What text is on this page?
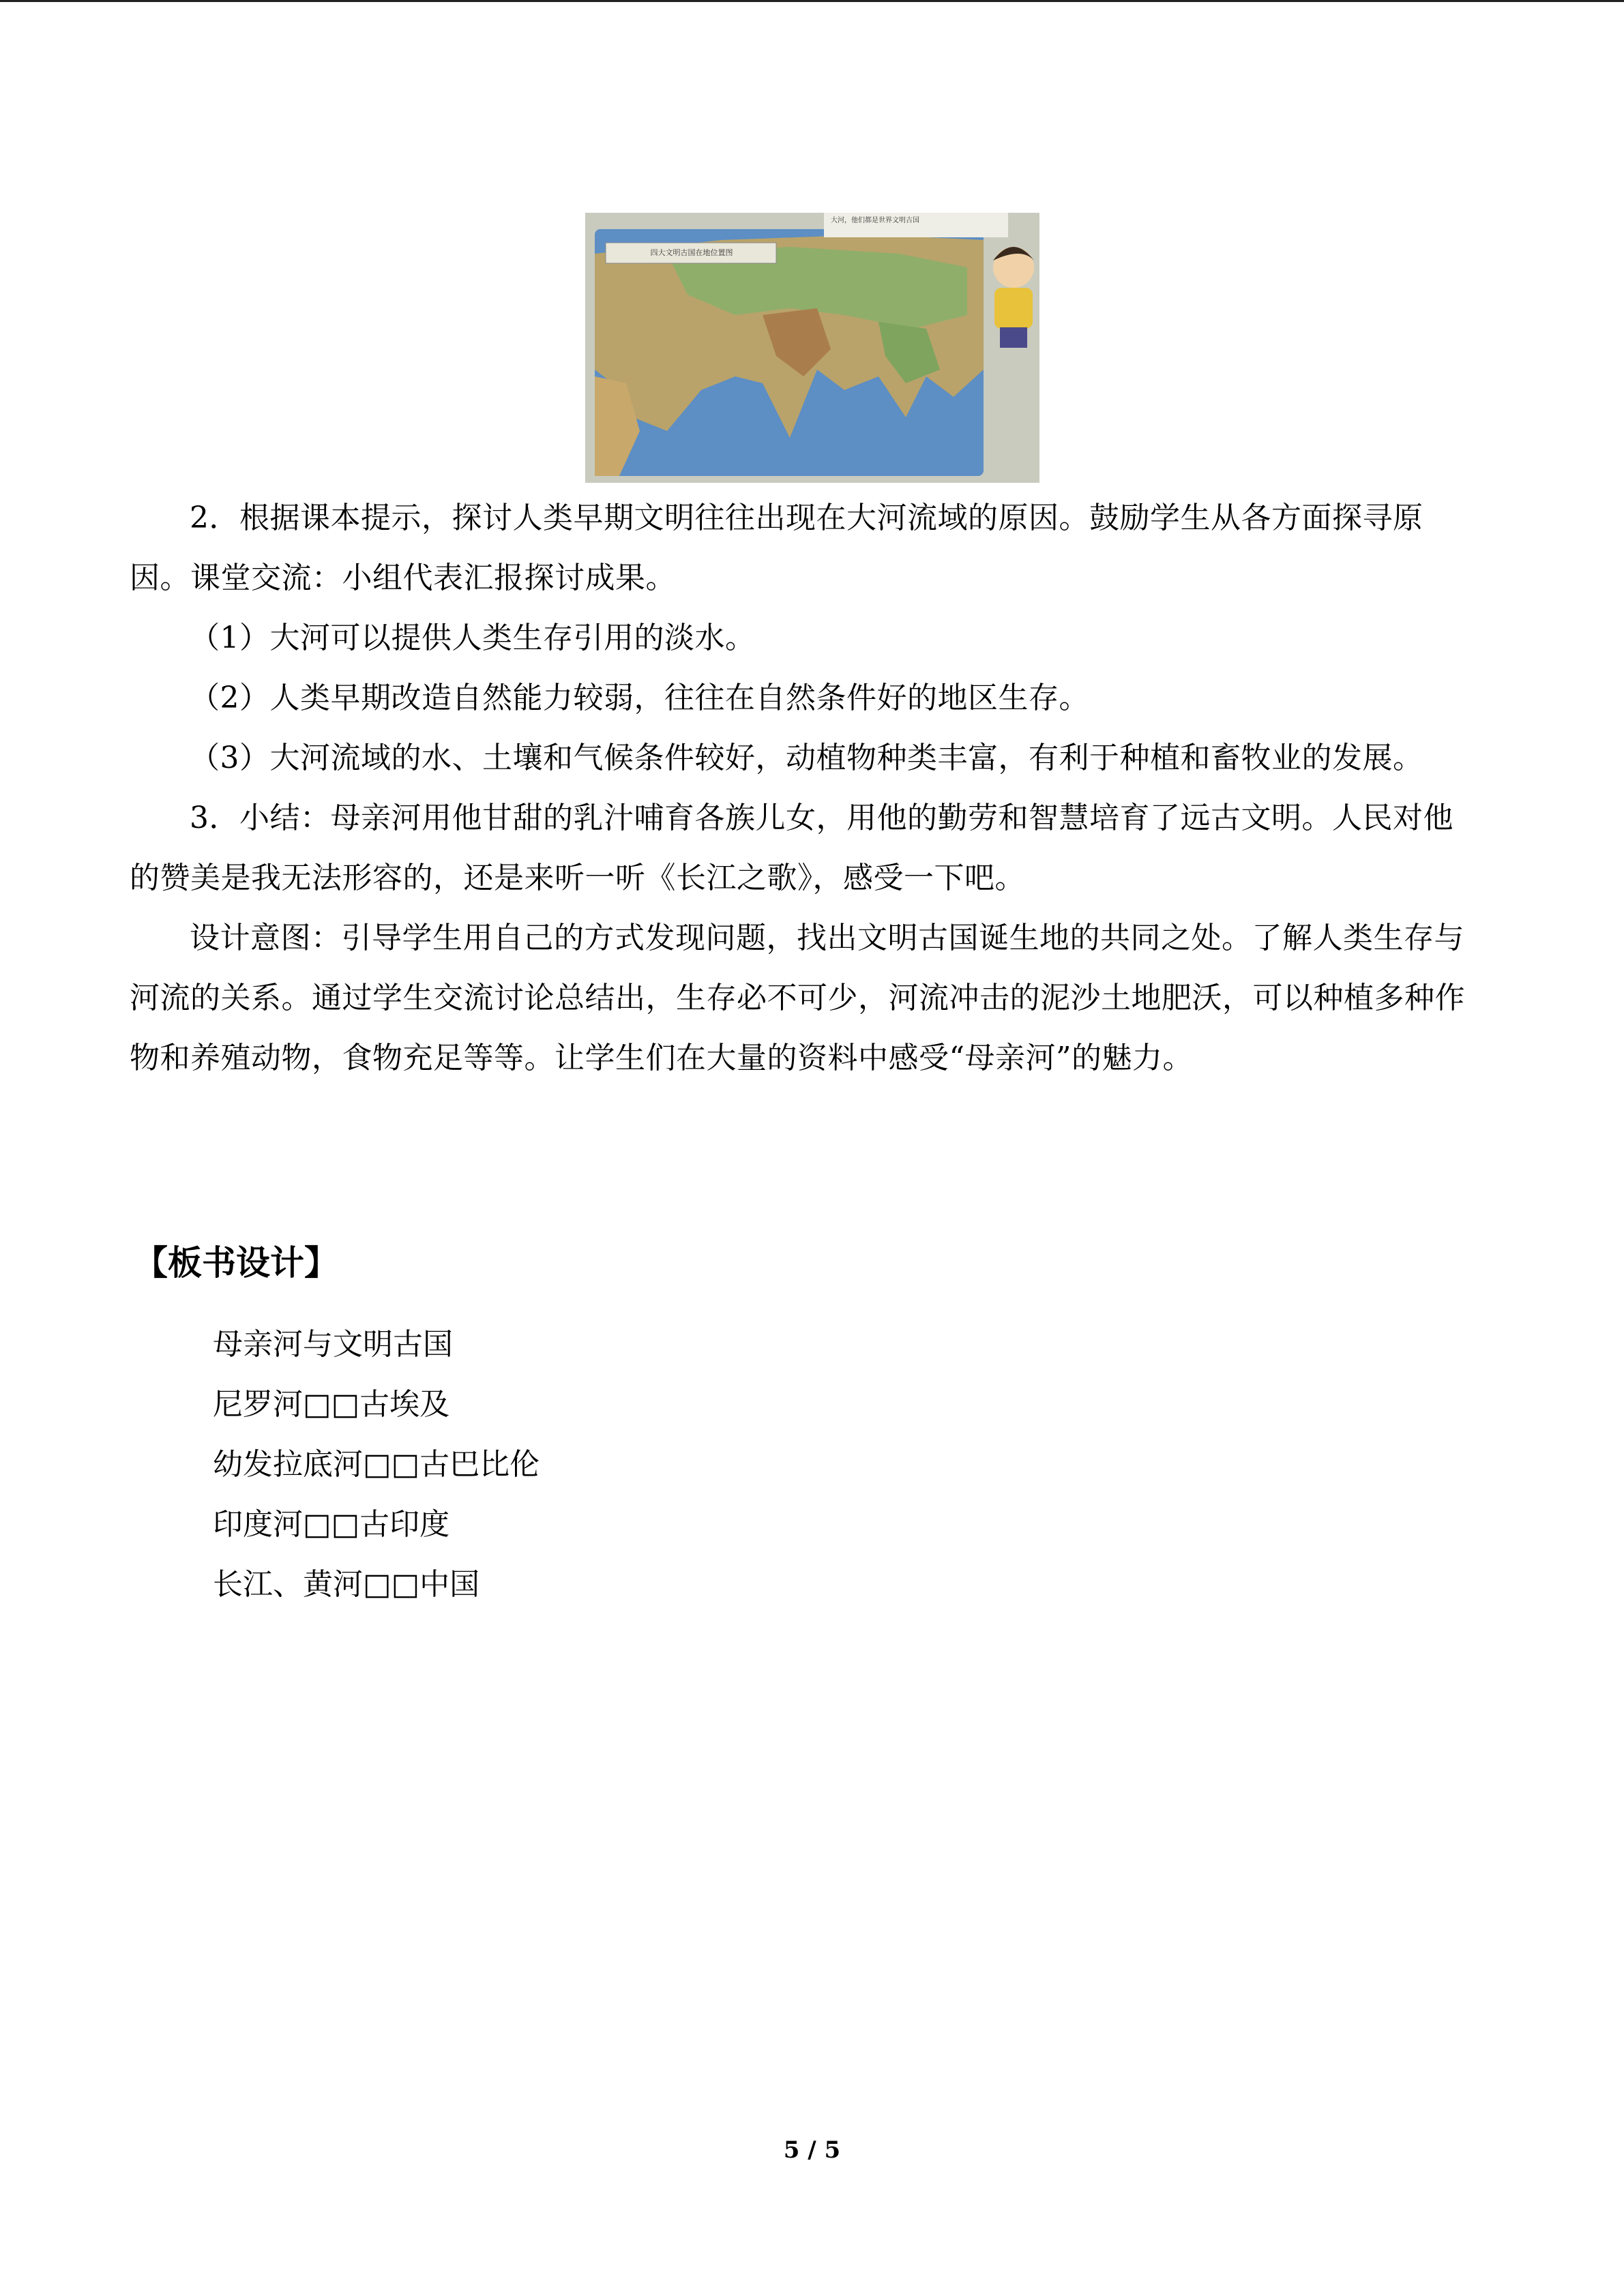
四大文明古国在地位置图
大河，他们都是世界文明古国

2．根据课本提示，探讨人类早期文明往往出现在大河流域的原因。鼓励学生从各方面探寻原因。课堂交流：小组代表汇报探讨成果。

（1）大河可以提供人类生存引用的淡水。

（2）人类早期改造自然能力较弱，往往在自然条件好的地区生存。

（3）大河流域的水、土壤和气候条件较好，动植物种类丰富，有利于种植和畜牧业的发展。

3．小结：母亲河用他甘甜的乳汁哺育各族儿女，用他的勤劳和智慧培育了远古文明。人民对他的赞美是我无法形容的，还是来听一听《长江之歌》，感受一下吧。

设计意图：引导学生用自己的方式发现问题，找出文明古国诞生地的共同之处。了解人类生存与河流的关系。通过学生交流讨论总结出，生存必不可少，河流冲击的泥沙土地肥沃，可以种植多种作物和养殖动物，食物充足等等。让学生们在大量的资料中感受“母亲河”的魅力。

【板书设计】
母亲河与文明古国
尼罗河□□古埃及
幼发拉底河□□古巴比伦
印度河□□古印度
长江、黄河□□中国
5 / 5
